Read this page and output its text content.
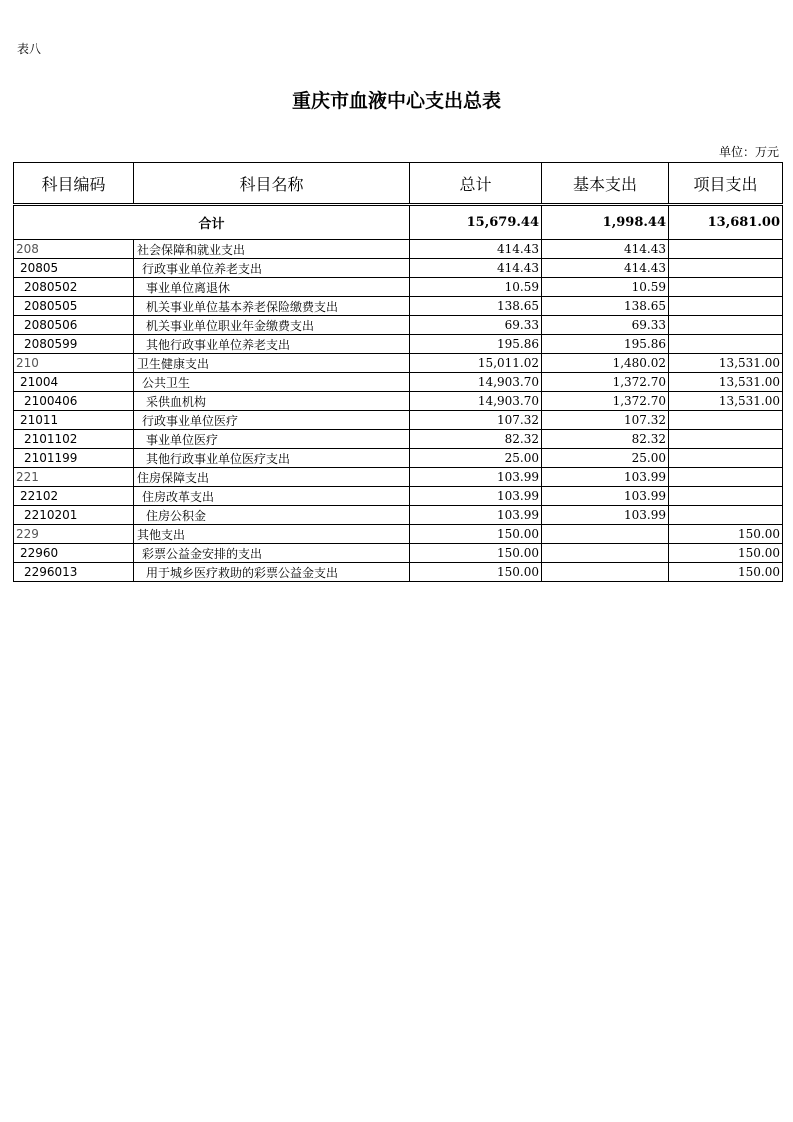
表八
重庆市血液中心支出总表
单位：万元
科目编码	科目名称	总计	基本支出	项目支出
合计		15,679.44	1,998.44	13,681.00
208	社会保障和就业支出	414.43	414.43	
20805	行政事业单位养老支出	414.43	414.43	
2080502	事业单位离退休	10.59	10.59	
2080505	机关事业单位基本养老保险缴费支出	138.65	138.65	
2080506	机关事业单位职业年金缴费支出	69.33	69.33	
2080599	其他行政事业单位养老支出	195.86	195.86	
210	卫生健康支出	15,011.02	1,480.02	13,531.00
21004	公共卫生	14,903.70	1,372.70	13,531.00
2100406	采供血机构	14,903.70	1,372.70	13,531.00
21011	行政事业单位医疗	107.32	107.32	
2101102	事业单位医疗	82.32	82.32	
2101199	其他行政事业单位医疗支出	25.00	25.00	
221	住房保障支出	103.99	103.99	
22102	住房改革支出	103.99	103.99	
2210201	住房公积金	103.99	103.99	
229	其他支出	150.00		150.00
22960	彩票公益金安排的支出	150.00		150.00
2296013	用于城乡医疗救助的彩票公益金支出	150.00		150.00
